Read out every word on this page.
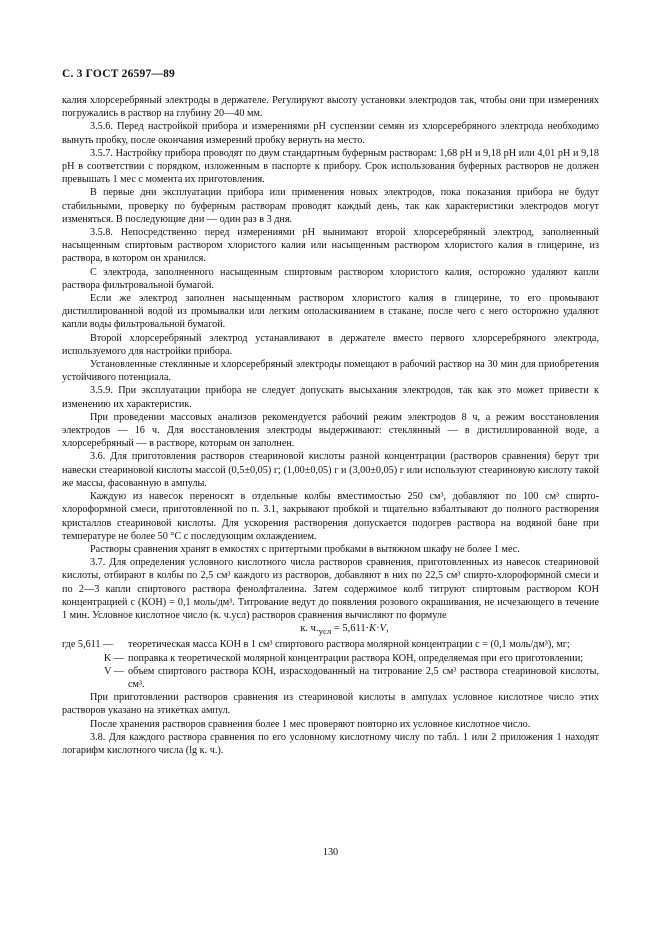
С. 3 ГОСТ 26597—89

калия хлорсеребряный электроды в держателе. Регулируют высоту установки электродов так, чтобы они при измерениях погружались в раствор на глубину 20—40 мм.

3.5.6. Перед настройкой прибора и измерениями pH суспензии семян из хлорсеребряного электрода необходимо вынуть пробку, после окончания измерений пробку вернуть на место.

3.5.7. Настройку прибора проводят по двум стандартным буферным растворам: 1,68 pH и 9,18 pH или 4,01 pH и 9,18 pH в соответствии с порядком, изложенным в паспорте к прибору. Срок использования буферных растворов не должен превышать 1 мес с момента их приготовления.

В первые дни эксплуатации прибора или применения новых электродов, пока показания прибора не будут стабильными, проверку по буферным растворам проводят каждый день, так как характеристики электродов могут изменяться. В последующие дни — один раз в 3 дня.

3.5.8. Непосредственно перед измерениями pH вынимают второй хлорсеребряный электрод, заполненный насыщенным спиртовым раствором хлористого калия или насыщенным раствором хлористого калия в глицерине, из раствора, в котором он хранился.

С электрода, заполненного насыщенным спиртовым раствором хлористого калия, осторожно удаляют капли раствора фильтровальной бумагой.

Если же электрод заполнен насыщенным раствором хлористого калия в глицерине, то его промывают дистиллированной водой из промывалки или легким ополаскиванием в стакане, после чего с него осторожно удаляют капли воды фильтровальной бумагой.

Второй хлорсеребряный электрод устанавливают в держателе вместо первого хлорсеребряного электрода, используемого для настройки прибора.

Установленные стеклянные и хлорсеребряный электроды помещают в рабочий раствор на 30 мин для приобретения устойчивого потенциала.

3.5.9. При эксплуатации прибора не следует допускать высыхания электродов, так как это может привести к изменению их характеристик.

При проведении массовых анализов рекомендуется рабочий режим электродов 8 ч, а режим восстановления электродов — 16 ч. Для восстановления электроды выдерживают: стеклянный — в дистиллированной воде, а хлорсеребряный — в растворе, которым он заполнен.

3.6. Для приготовления растворов стеариновой кислоты разной концентрации (растворов сравнения) берут три навески стеариновой кислоты массой (0,5±0,05) г; (1,00±0,05) г и (3,00±0,05) г или используют стеариновую кислоту такой же массы, фасованную в ампулы.

Каждую из навесок переносят в отдельные колбы вместимостью 250 см³, добавляют по 100 см³ спирто-хлороформной смеси, приготовленной по п. 3.1, закрывают пробкой и тщательно взбалтывают до полного растворения кристаллов стеариновой кислоты. Для ускорения растворения допускается подогрев раствора на водяной бане при температуре не более 50 °С с последующим охлаждением.

Растворы сравнения хранят в емкостях с притертыми пробками в вытяжном шкафу не более 1 мес.

3.7. Для определения условного кислотного числа растворов сравнения, приготовленных из навесок стеариновой кислоты, отбирают в колбы по 2,5 см³ каждого из растворов, добавляют в них по 22,5 см³ спирто-хлороформной смеси и по 2—3 капли спиртового раствора фенолфталеина. Затем содержимое колб титруют спиртовым раствором КОН концентрацией с (КОН) = 0,1 моль/дм³. Титрование ведут до появления розового окрашивания, не исчезающего в течение 1 мин. Условное кислотное число (к. ч.усл) растворов сравнения вычисляют по формуле

к. $ч._{усл} = 5,611\cdot K\cdot V$,

где 5,611 —	теоретическая масса КОН в 1 см³ спиртового раствора молярной концентрации с = (0,1 моль/дм³), мг;
K — поправка к теоретической молярной концентрации раствора КОН, определяемая при его приготовлении;
V — объем спиртового раствора КОН, израсходованный на титрование 2,5 см³ раствора стеариновой кислоты, см³.

При приготовлении растворов сравнения из стеариновой кислоты в ампулах условное кислотное число этих растворов указано на этикетках ампул.

После хранения растворов сравнения более 1 мес проверяют повторно их условное кислотное число.

3.8. Для каждого раствора сравнения по его условному кислотному числу по табл. 1 или 2 приложения 1 находят логарифм кислотного числа (lg к. ч.).

130
